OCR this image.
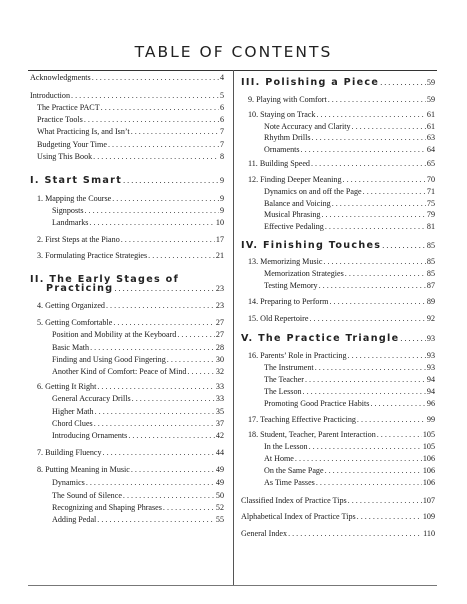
TABLE OF CONTENTS
Acknowledgments . . .	4
Introduction . . .	5
The Practice PACT . . .	6
Practice Tools . . .	6
What Practicing Is, and Isn’t . . .	7
Budgeting Your Time . . .	7
Using This Book . . .	8
I. Start Smart . . .	9
1. Mapping the Course . . .	9
Signposts . . .	9
Landmarks . . .	10
2. First Steps at the Piano . . .	17
3. Formulating Practice Strategies . . .	21
II. The Early Stages of
Practicing . . .	23
4. Getting Organized . . .	23
5. Getting Comfortable . . .	27
Position and Mobility at the Keyboard . . .	27
Basic Math . . .	28
Finding and Using Good Fingering . . .	30
Another Kind of Comfort: Peace of Mind . . .	32
6. Getting It Right . . .	33
General Accuracy Drills . . .	33
Higher Math . . .	35
Chord Clues . . .	37
Introducing Ornaments . . .	42
7. Building Fluency . . .	44
8. Putting Meaning in Music . . .	49
Dynamics . . .	49
The Sound of Silence . . .	50
Recognizing and Shaping Phrases . . .	52
Adding Pedal . . .	55
III. Polishing a Piece . . .	59
9. Playing with Comfort . . .	59
10. Staying on Track . . .	61
Note Accuracy and Clarity . . .	61
Rhythm Drills . . .	63
Ornaments . . .	64
11. Building Speed . . .	65
12. Finding Deeper Meaning . . .	70
Dynamics on and off the Page . . .	71
Balance and Voicing . . .	75
Musical Phrasing . . .	79
Effective Pedaling . . .	81
IV. Finishing Touches . . .	85
13. Memorizing Music . . .	85
Memorization Strategies . . .	85
Testing Memory . . .	87
14. Preparing to Perform . . .	89
15. Old Repertoire . . .	92
V. The Practice Triangle . . .	93
16. Parents’ Role in Practicing . . .	93
The Instrument . . .	93
The Teacher . . .	94
The Lesson . . .	94
Promoting Good Practice Habits . . .	96
17. Teaching Effective Practicing . . .	99
18. Student, Teacher, Parent Interaction . . .	105
In the Lesson . . .	105
At Home . . .	106
On the Same Page . . .	106
As Time Passes . . .	106
Classified Index of Practice Tips . . .	107
Alphabetical Index of Practice Tips . . .	109
General Index . . .	110
